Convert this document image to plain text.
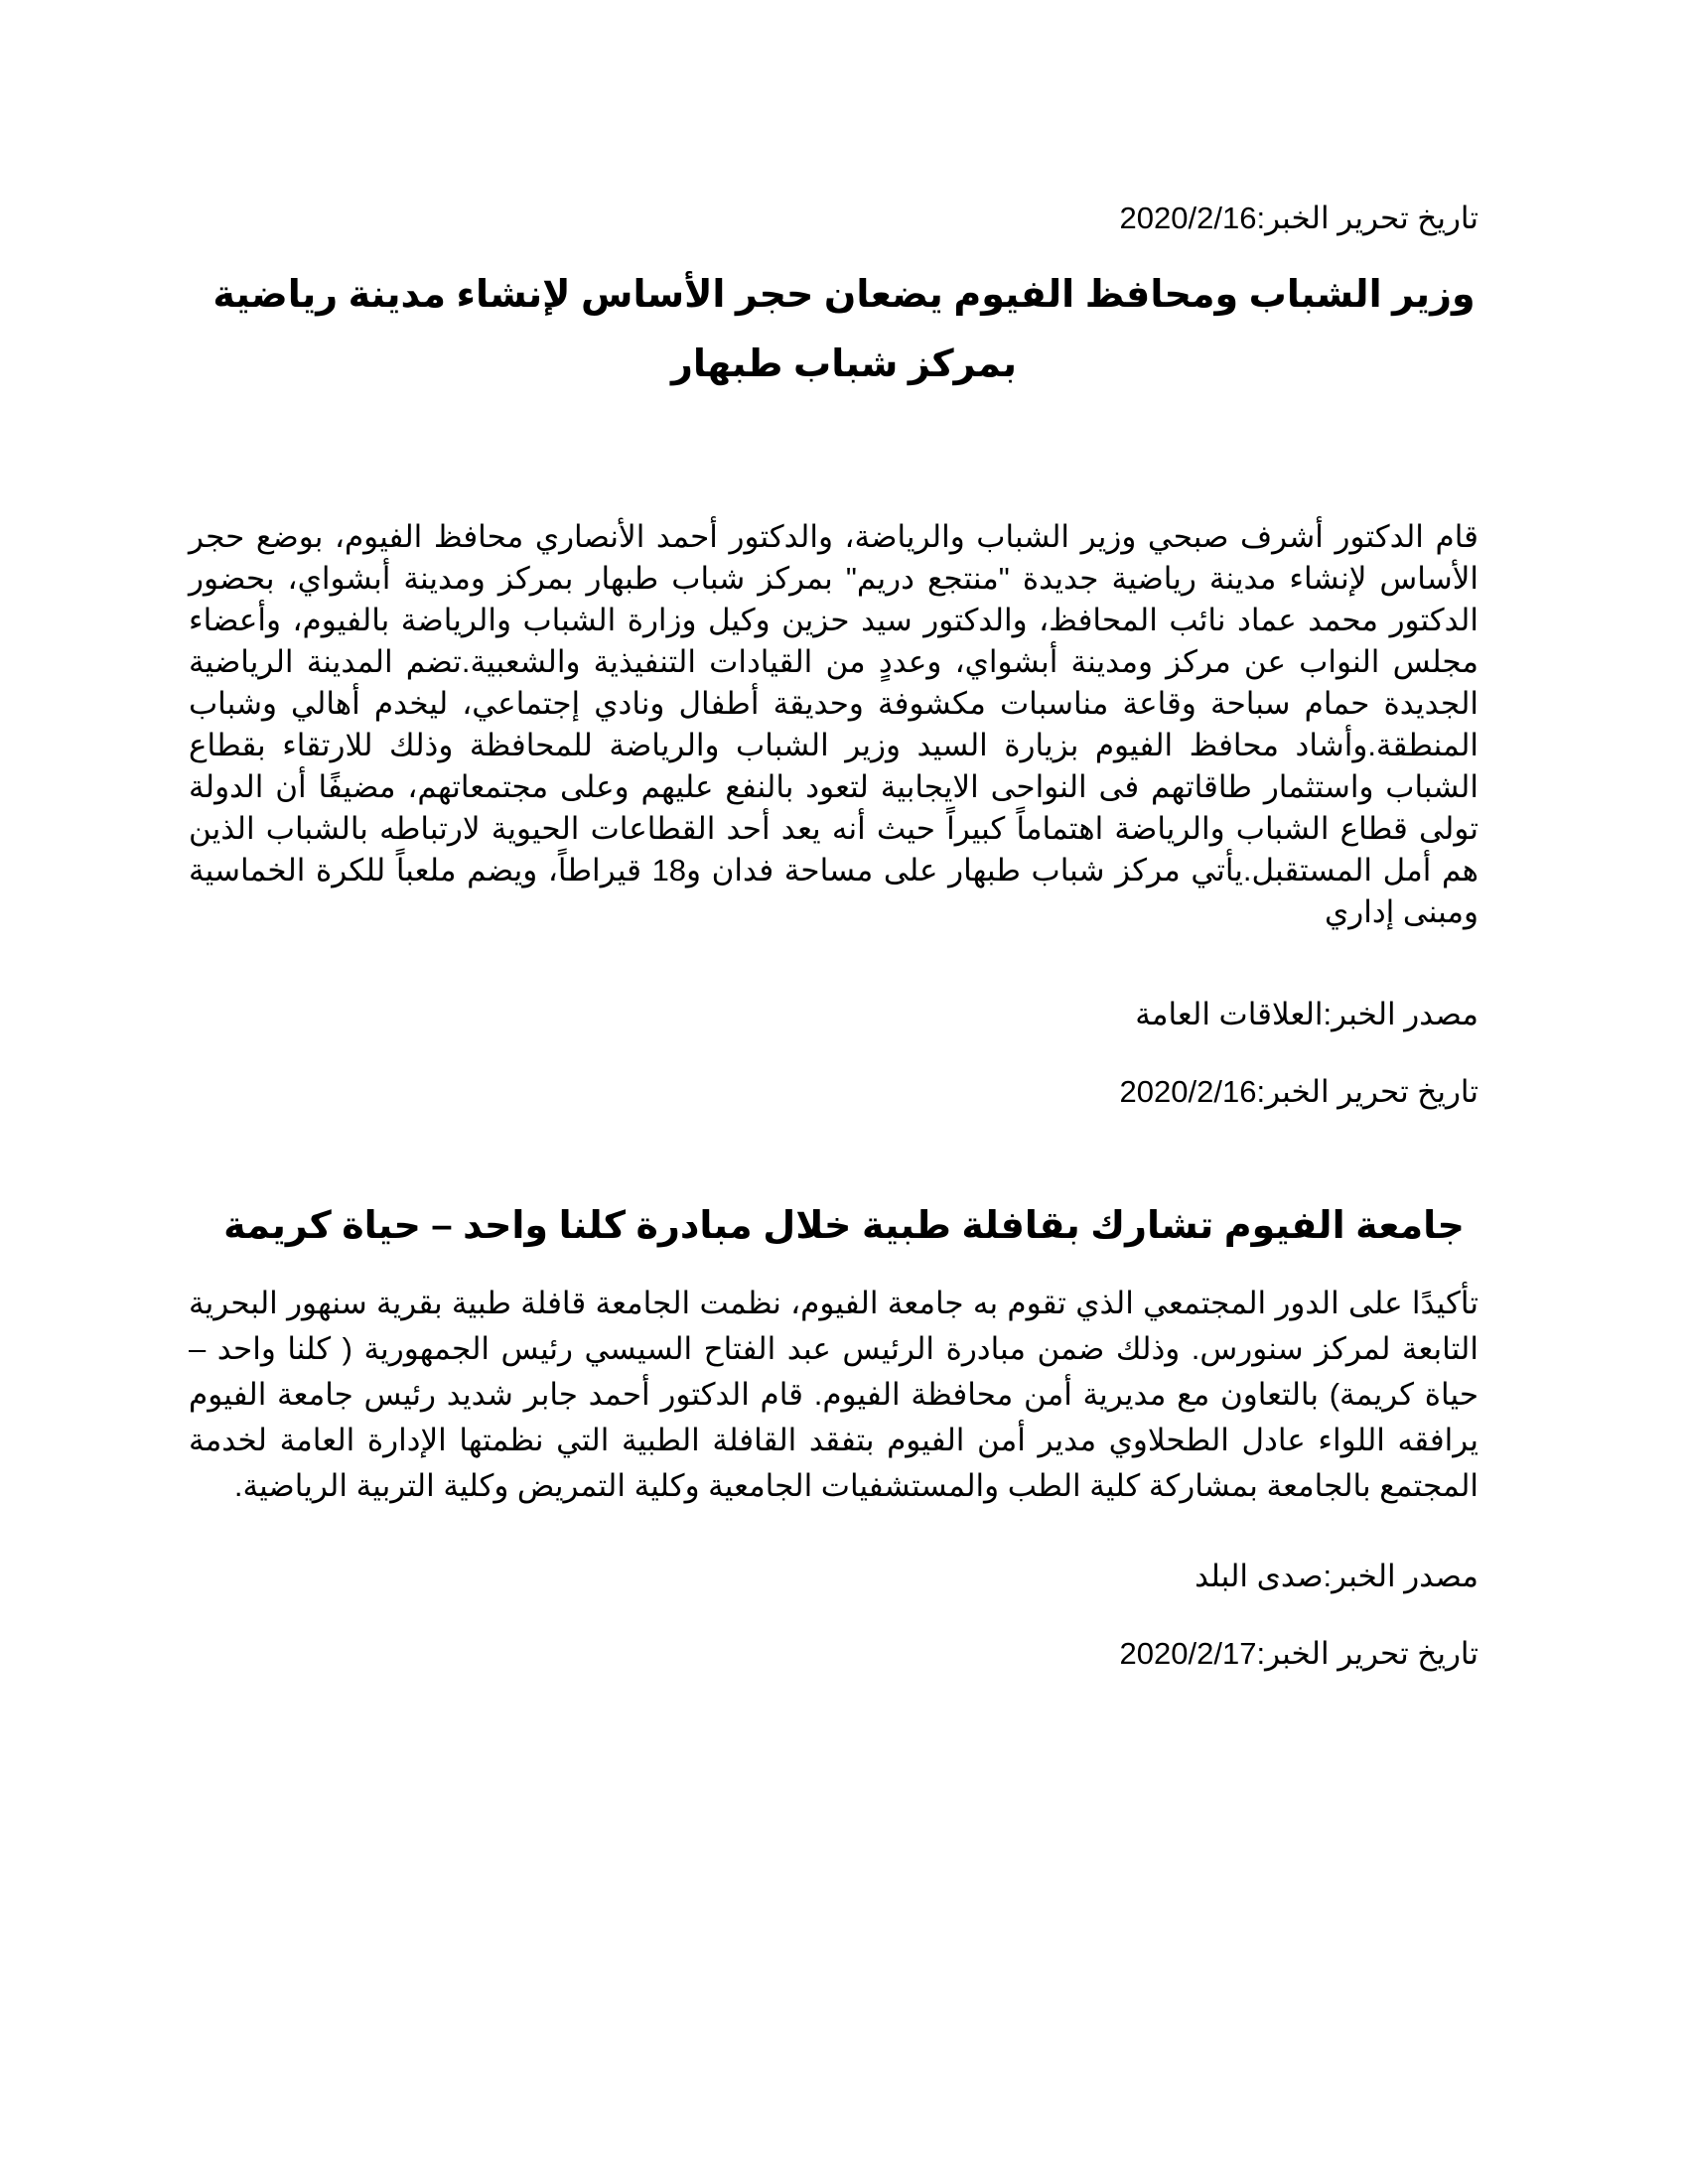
تاريخ تحرير الخبر:2020/2/16
وزير الشباب ومحافظ الفيوم يضعان حجر الأساس لإنشاء مدينة رياضية بمركز شباب طبهار
قام الدكتور أشرف صبحي وزير الشباب والرياضة، والدكتور أحمد الأنصاري محافظ الفيوم، بوضع حجر الأساس لإنشاء مدينة رياضية جديدة "منتجع دريم" بمركز شباب طبهار بمركز ومدينة أبشواي، بحضور الدكتور محمد عماد نائب المحافظ، والدكتور سيد حزين وكيل وزارة الشباب والرياضة بالفيوم، وأعضاء مجلس النواب عن مركز ومدينة أبشواي، وعددٍ من القيادات التنفيذية والشعبية.تضم المدينة الرياضية الجديدة حمام سباحة وقاعة مناسبات مكشوفة وحديقة أطفال ونادي إجتماعي، ليخدم أهالي وشباب المنطقة.وأشاد محافظ الفيوم بزيارة السيد وزير الشباب والرياضة للمحافظة وذلك للارتقاء بقطاع الشباب واستثمار طاقاتهم فى النواحى الايجابية لتعود بالنفع عليهم وعلى مجتمعاتهم، مضيفًا أن الدولة تولى قطاع الشباب والرياضة اهتماماً كبيراً حيث أنه يعد أحد القطاعات الحيوية لارتباطه بالشباب الذين هم أمل المستقبل.يأتي مركز شباب طبهار على مساحة فدان و18 قيراطاً، ويضم ملعباً للكرة الخماسية ومبنى إداري
مصدر الخبر:العلاقات العامة
تاريخ تحرير الخبر:2020/2/16
جامعة الفيوم تشارك بقافلة طبية خلال مبادرة كلنا واحد – حياة كريمة
تأكيدًا على الدور المجتمعي الذي تقوم به جامعة الفيوم، نظمت الجامعة قافلة طبية بقرية سنهور البحرية التابعة لمركز سنورس. وذلك ضمن مبادرة الرئيس عبد الفتاح السيسي رئيس الجمهورية ( كلنا واحد – حياة كريمة) بالتعاون مع مديرية أمن محافظة الفيوم. قام الدكتور أحمد جابر شديد رئيس جامعة الفيوم يرافقه اللواء عادل الطحلاوي مدير أمن الفيوم بتفقد القافلة الطبية التي نظمتها الإدارة العامة لخدمة المجتمع بالجامعة بمشاركة كلية الطب والمستشفيات الجامعية وكلية التمريض وكلية التربية الرياضية.
مصدر الخبر:صدى البلد
تاريخ تحرير الخبر:2020/2/17
